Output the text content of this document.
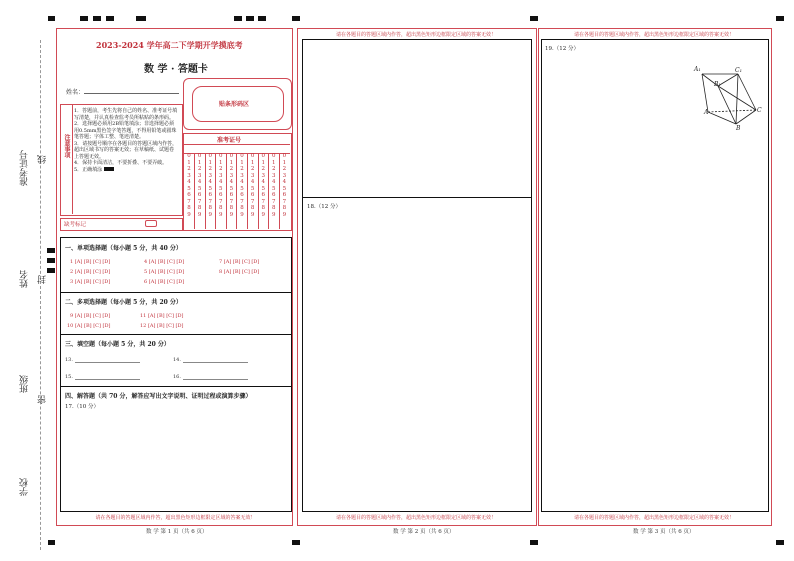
准考证号 线
姓名 封
班级
密
学校
2023-2024 学年高二下学期开学摸底考
数 学 · 答题卡
姓名：
贴条形码区
注意事项
1．答题前，考生先将自己的姓名、准考证号填写清楚，并认真检查监考员所粘贴的条形码。
2．选择题必须用2B铅笔填涂；非选择题必须用0.5mm黑色签字笔答题，不得用铅笔或圆珠笔答题；字体工整、笔迹清楚。
3．请按题号顺序在各题目的答题区域内作答，超出区域书写的答案无效；在草稿纸、试题卷上答题无效。
4．保持卡面清洁，不要折叠、不要弄破。
5．正确填涂
缺考标记
准考证号
0
1
2
3
4
5
6
7
8
9
0
1
2
3
4
5
6
7
8
9
0
1
2
3
4
5
6
7
8
9
0
1
2
3
4
5
6
7
8
9
0
1
2
3
4
5
6
7
8
9
0
1
2
3
4
5
6
7
8
9
0
1
2
3
4
5
6
7
8
9
0
1
2
3
4
5
6
7
8
9
0
1
2
3
4
5
6
7
8
9
0
1
2
3
4
5
6
7
8
9
一、单项选择题（每小题 5 分，共 40 分）
1 [A] [B] [C] [D]
2 [A] [B] [C] [D]
3 [A] [B] [C] [D]
4 [A] [B] [C] [D]
5 [A] [B] [C] [D]
6 [A] [B] [C] [D]
7 [A] [B] [C] [D]
8 [A] [B] [C] [D]
二、多项选择题（每小题 5 分，共 20 分）
9 [A] [B] [C] [D]
10 [A] [B] [C] [D]
11 [A] [B] [C] [D]
12 [A] [B] [C] [D]
三、填空题（每小题 5 分，共 20 分）
13.	14.
15.	16.
四、解答题（共 70 分，解答应写出文字说明、证明过程或演算步骤）
17.（10 分）
请在各题目的答题区域内作答，超出黑色矩形边框限定区域的答案无效！
数 学 第 1 页（共 6 页）
请在各题目的答题区域内作答，超出黑色矩形边框限定区域的答案无效！
18.（12 分）
请在各题目的答题区域内作答，超出黑色矩形边框限定区域的答案无效！
数 学 第 2 页（共 6 页）
请在各题目的答题区域内作答，超出黑色矩形边框限定区域的答案无效！
19.（12 分）
A₁	C₁
B₁
A	C
B
请在各题目的答题区域内作答，超出黑色矩形边框限定区域的答案无效！
数 学 第 3 页（共 6 页）
